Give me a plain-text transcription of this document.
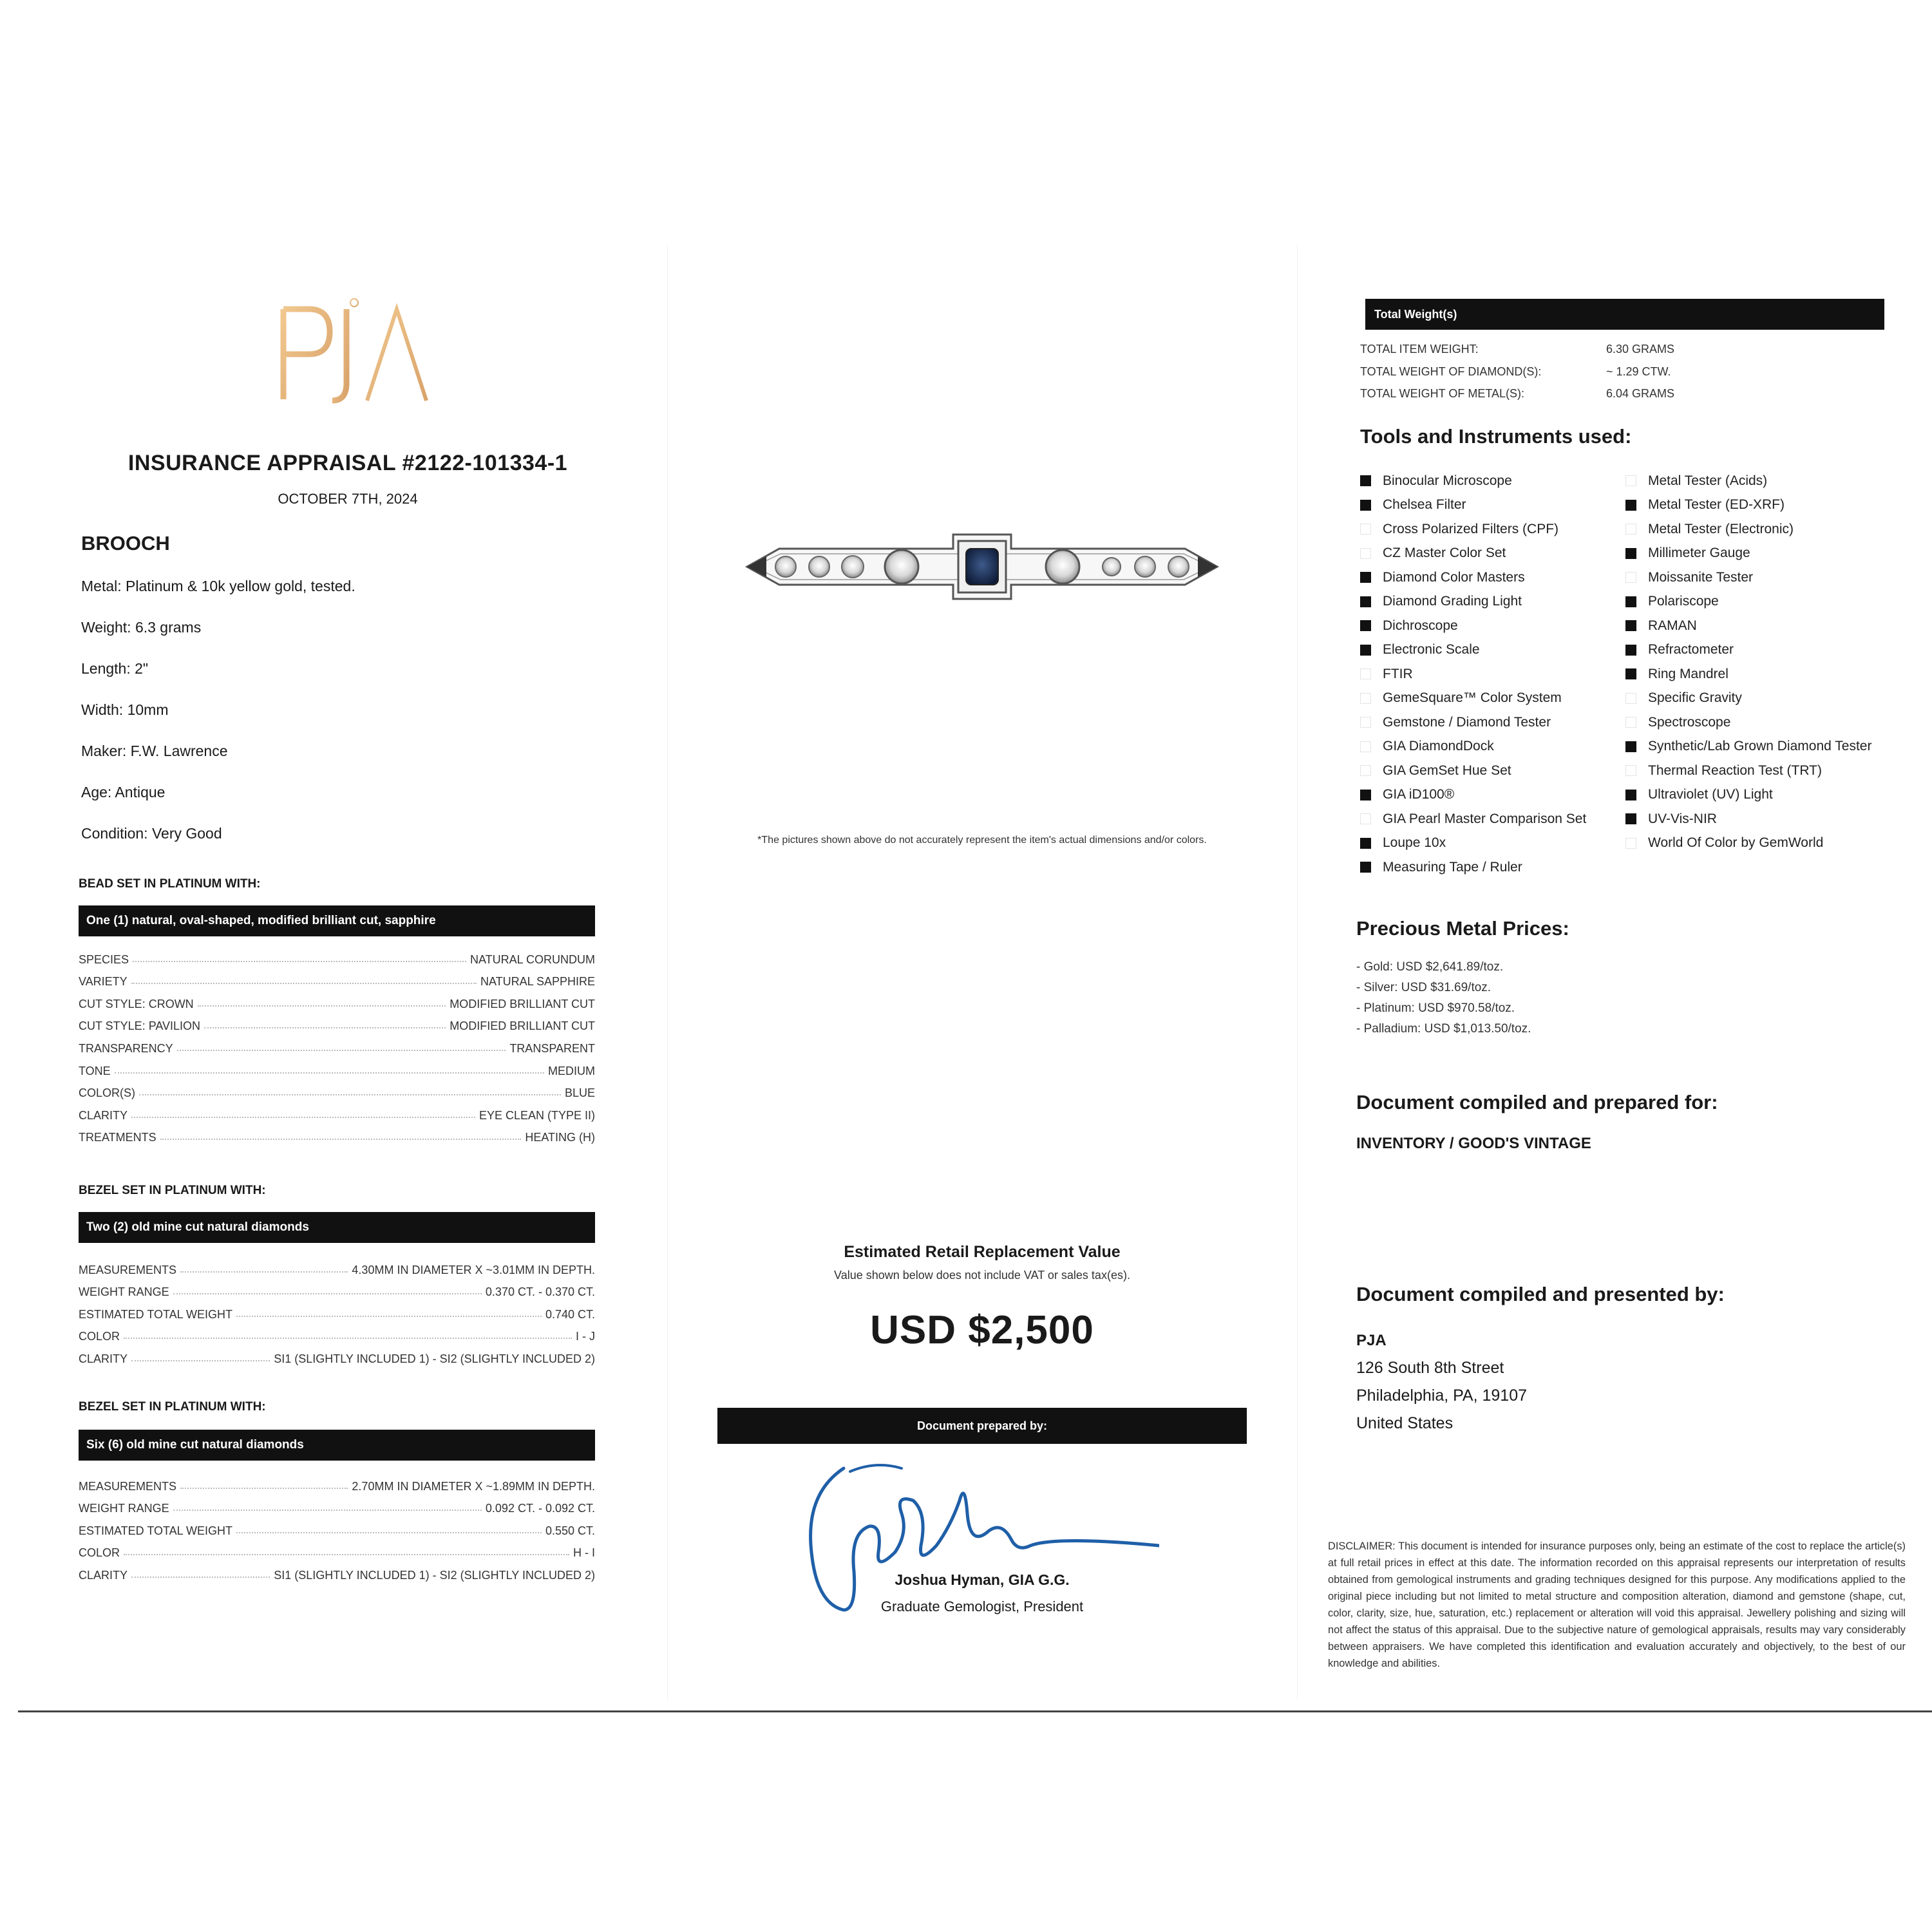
INSURANCE APPRAISAL #2122-101334-1
OCTOBER 7TH, 2024
BROOCH
Metal: Platinum & 10k yellow gold, tested.
Weight: 6.3 grams
Length: 2"
Width: 10mm
Maker: F.W. Lawrence
Age: Antique
Condition: Very Good
BEAD SET IN PLATINUM WITH:
One (1) natural, oval-shaped, modified brilliant cut, sapphire
SPECIES	NATURAL CORUNDUM
VARIETY	NATURAL SAPPHIRE
CUT STYLE: CROWN	MODIFIED BRILLIANT CUT
CUT STYLE: PAVILION	MODIFIED BRILLIANT CUT
TRANSPARENCY	TRANSPARENT
TONE	MEDIUM
COLOR(S)	BLUE
CLARITY	EYE CLEAN (TYPE II)
TREATMENTS	HEATING (H)
BEZEL SET IN PLATINUM WITH:
Two (2) old mine cut natural diamonds
MEASUREMENTS	4.30MM IN DIAMETER X ~3.01MM IN DEPTH.
WEIGHT RANGE	0.370 CT. - 0.370 CT.
ESTIMATED TOTAL WEIGHT	0.740 CT.
COLOR	I - J
CLARITY	SI1 (SLIGHTLY INCLUDED 1) - SI2 (SLIGHTLY INCLUDED 2)
BEZEL SET IN PLATINUM WITH:
Six (6) old mine cut natural diamonds
MEASUREMENTS	2.70MM IN DIAMETER X ~1.89MM IN DEPTH.
WEIGHT RANGE	0.092 CT. - 0.092 CT.
ESTIMATED TOTAL WEIGHT	0.550 CT.
COLOR	H - I
CLARITY	SI1 (SLIGHTLY INCLUDED 1) - SI2 (SLIGHTLY INCLUDED 2)
*The pictures shown above do not accurately represent the item's actual dimensions and/or colors.
Estimated Retail Replacement Value
Value shown below does not include VAT or sales tax(es).
USD $2,500
Document prepared by:
Joshua Hyman, GIA G.G.
Graduate Gemologist, President
Total Weight(s)
TOTAL ITEM WEIGHT:	6.30 GRAMS
TOTAL WEIGHT OF DIAMOND(S):	~ 1.29 CTW.
TOTAL WEIGHT OF METAL(S):	6.04 GRAMS
Tools and Instruments used:
Binocular Microscope
Chelsea Filter
Cross Polarized Filters (CPF)
CZ Master Color Set
Diamond Color Masters
Diamond Grading Light
Dichroscope
Electronic Scale
FTIR
GemeSquare™ Color System
Gemstone / Diamond Tester
GIA DiamondDock
GIA GemSet Hue Set
GIA iD100®
GIA Pearl Master Comparison Set
Loupe 10x
Measuring Tape / Ruler
Metal Tester (Acids)
Metal Tester (ED-XRF)
Metal Tester (Electronic)
Millimeter Gauge
Moissanite Tester
Polariscope
RAMAN
Refractometer
Ring Mandrel
Specific Gravity
Spectroscope
Synthetic/Lab Grown Diamond Tester
Thermal Reaction Test (TRT)
Ultraviolet (UV) Light
UV-Vis-NIR
World Of Color by GemWorld
Precious Metal Prices:
- Gold: USD $2,641.89/toz.
- Silver: USD $31.69/toz.
- Platinum: USD $970.58/toz.
- Palladium: USD $1,013.50/toz.
Document compiled and prepared for:
INVENTORY / GOOD'S VINTAGE
Document compiled and presented by:
PJA
126 South 8th Street
Philadelphia, PA, 19107
United States
DISCLAIMER: This document is intended for insurance purposes only, being an estimate of the cost to replace the article(s) at full retail prices in effect at this date. The information recorded on this appraisal represents our interpretation of results obtained from gemological instruments and grading techniques designed for this purpose. Any modifications applied to the original piece including but not limited to metal structure and composition alteration, diamond and gemstone (shape, cut, color, clarity, size, hue, saturation, etc.) replacement or alteration will void this appraisal. Jewellery polishing and sizing will not affect the status of this appraisal. Due to the subjective nature of gemological appraisals, results may vary considerably between appraisers. We have completed this identification and evaluation accurately and objectively, to the best of our knowledge and abilities.
